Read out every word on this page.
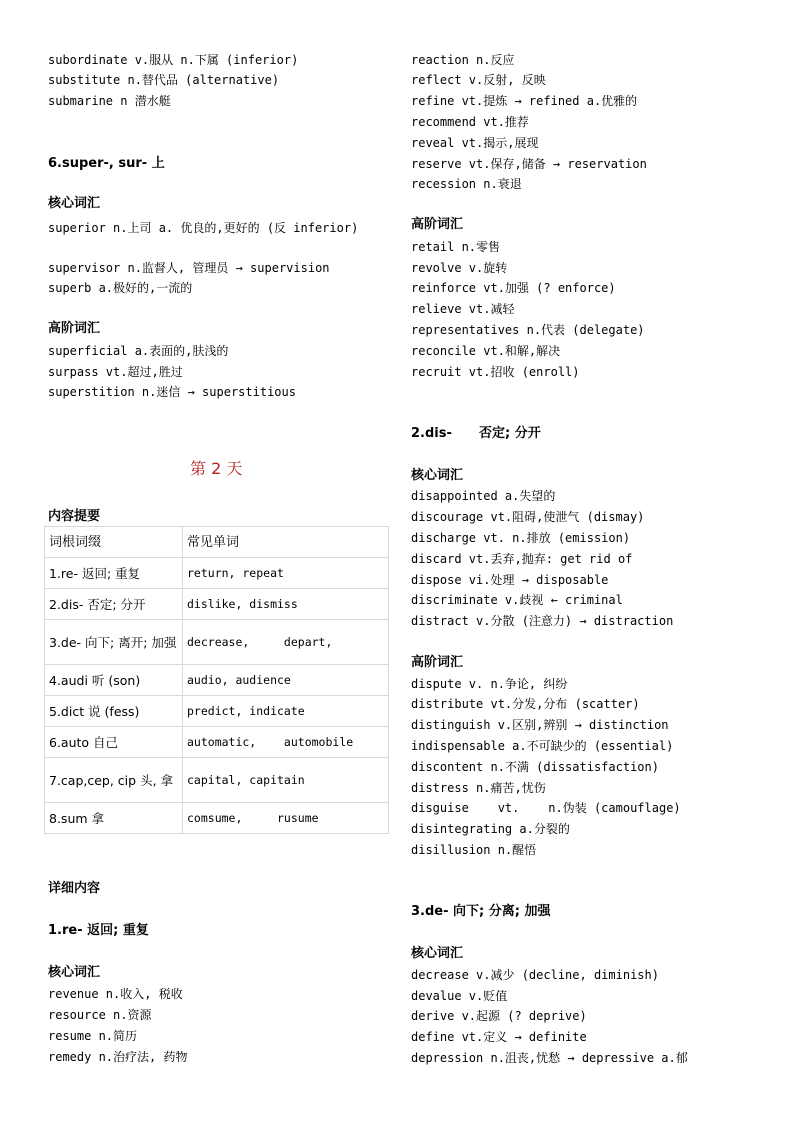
subordinate v.服从 n.下属 (inferior)
substitute n.替代品 (alternative)
submarine n 潜水艇
6.super-, sur- 上
核心词汇
superior n.上司 a. 优良的,更好的 (反 inferior)
supervisor n.监督人, 管理员 → supervision
superb a.极好的,一流的
高阶词汇
superficial a.表面的,肤浅的
surpass vt.超过,胜过
superstition n.迷信 → superstitious
内容提要
详细内容
1.re- 返回; 重复
核心词汇
revenue n.收入, 税收
resource n.资源
resume n.简历
remedy n.治疗法, 药物
第 2 天
词根词缀	常见单词
1.re- 返回; 重复	return, repeat
2.dis- 否定; 分开	dislike, dismiss
3.de- 向下; 离开; 加强	decrease,     depart,
4.audi 听 (son)	audio, audience
5.dict 说 (fess)	predict, indicate
6.auto 自己	automatic,    automobile
7.cap,cep, cip 头, 拿	capital, capitain
8.sum 拿	comsume,     rusume
reaction n.反应
reflect v.反射, 反映
refine vt.提炼 → refined a.优雅的
recommend vt.推荐
reveal vt.揭示,展现
reserve vt.保存,储备 → reservation
recession n.衰退
高阶词汇
retail n.零售
revolve v.旋转
reinforce vt.加强 (? enforce)
relieve vt.减轻
representatives n.代表 (delegate)
reconcile vt.和解,解决
recruit vt.招收 (enroll)
2.dis-      否定; 分开
核心词汇
disappointed a.失望的
discourage vt.阻碍,使泄气 (dismay)
discharge vt. n.排放 (emission)
discard vt.丢弃,抛弃: get rid of
dispose vi.处理 → disposable
discriminate v.歧视 ← criminal
distract v.分散 (注意力) → distraction
高阶词汇
dispute v. n.争论, 纠纷
distribute vt.分发,分布 (scatter)
distinguish v.区别,辨别 → distinction
indispensable a.不可缺少的 (essential)
discontent n.不满 (dissatisfaction)
distress n.痛苦,忧伤
disguise    vt.    n.伪装 (camouflage)
disintegrating a.分裂的
disillusion n.醒悟
3.de- 向下; 分离; 加强
核心词汇
decrease v.减少 (decline, diminish)
devalue v.贬值
derive v.起源 (? deprive)
define vt.定义 → definite
depression n.沮丧,忧愁 → depressive a.郁
